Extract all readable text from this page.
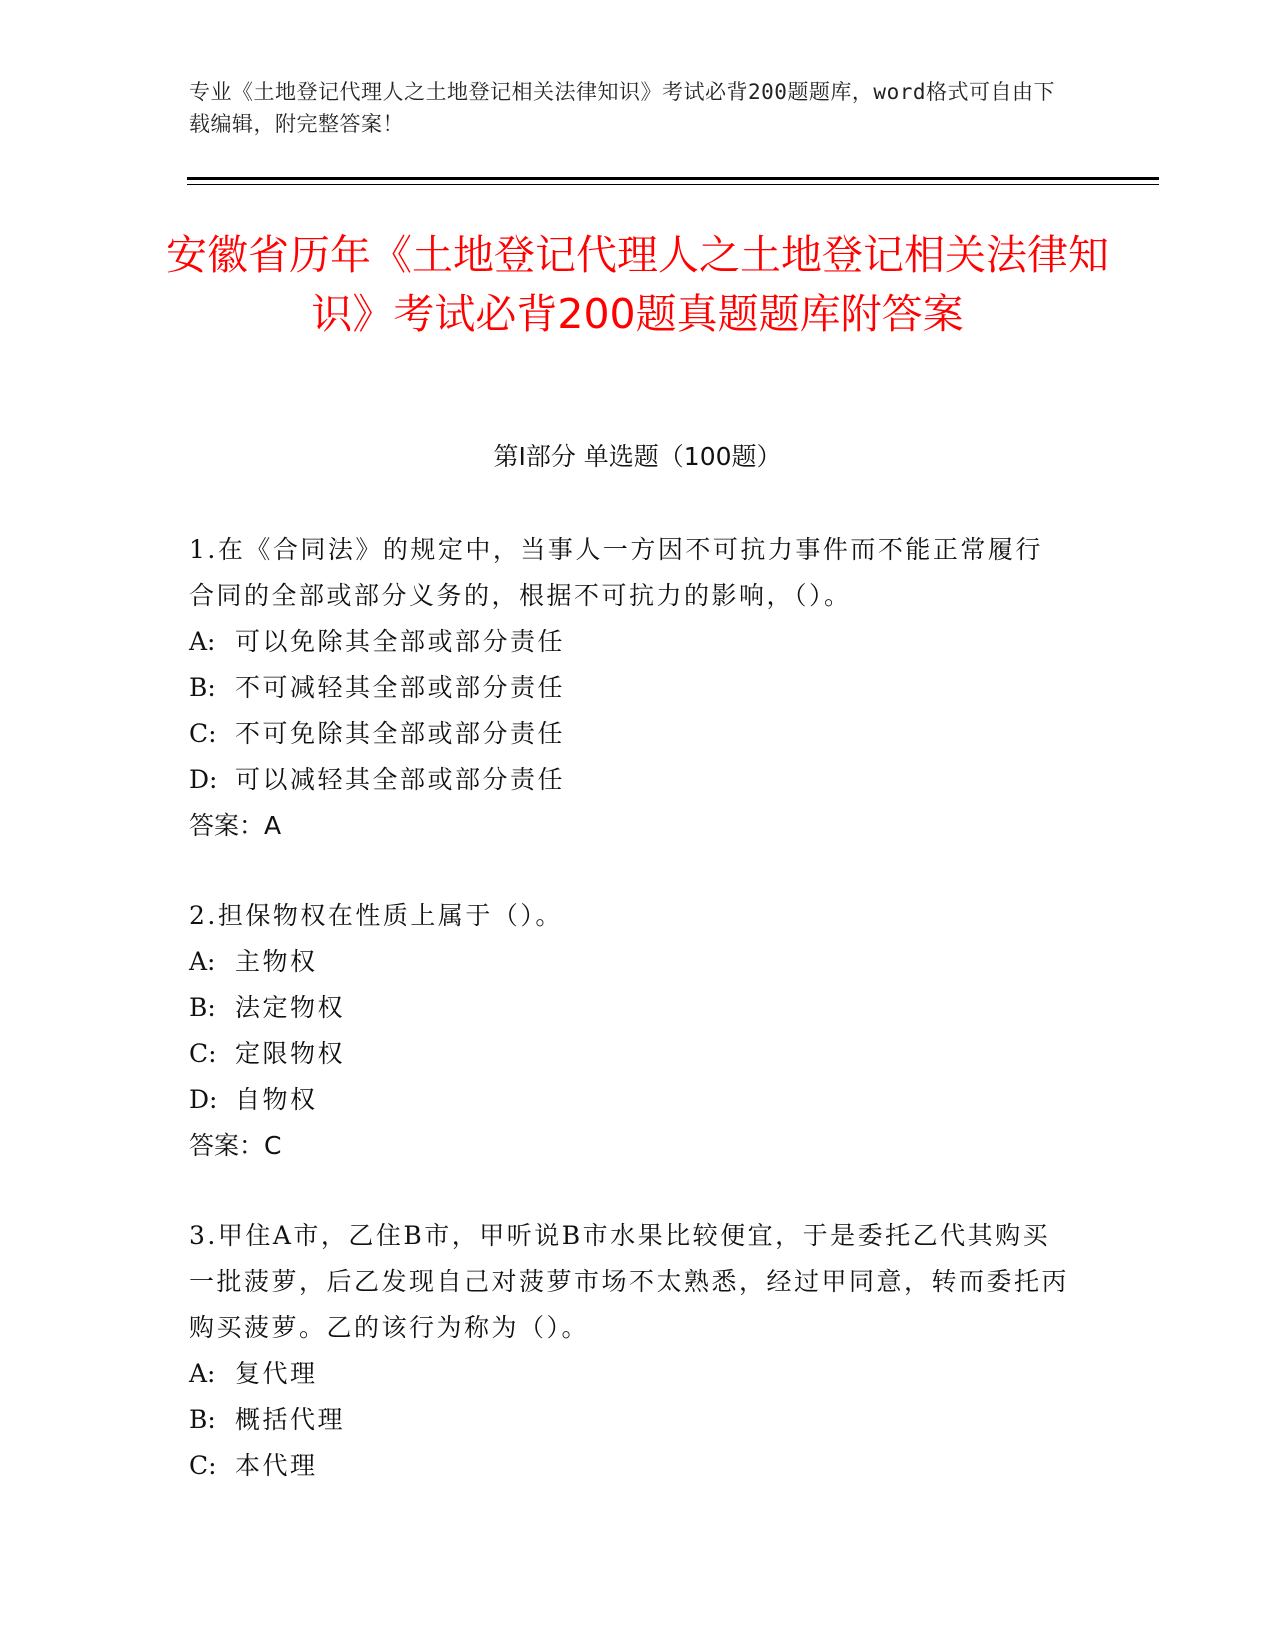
专业《土地登记代理人之土地登记相关法律知识》考试必背200题题库，word格式可自由下载编辑，附完整答案！
安徽省历年《土地登记代理人之土地登记相关法律知识》考试必背200题真题题库附答案
第I部分 单选题（100题）
1.在《合同法》的规定中，当事人一方因不可抗力事件而不能正常履行合同的全部或部分义务的，根据不可抗力的影响，（）。
A: 可以免除其全部或部分责任
B: 不可减轻其全部或部分责任
C: 不可免除其全部或部分责任
D: 可以减轻其全部或部分责任
答案：A
2.担保物权在性质上属于（）。
A: 主物权
B: 法定物权
C: 定限物权
D: 自物权
答案：C
3.甲住A市，乙住B市，甲听说B市水果比较便宜，于是委托乙代其购买一批菠萝，后乙发现自己对菠萝市场不太熟悉，经过甲同意，转而委托丙购买菠萝。乙的该行为称为（）。
A: 复代理
B: 概括代理
C: 本代理
